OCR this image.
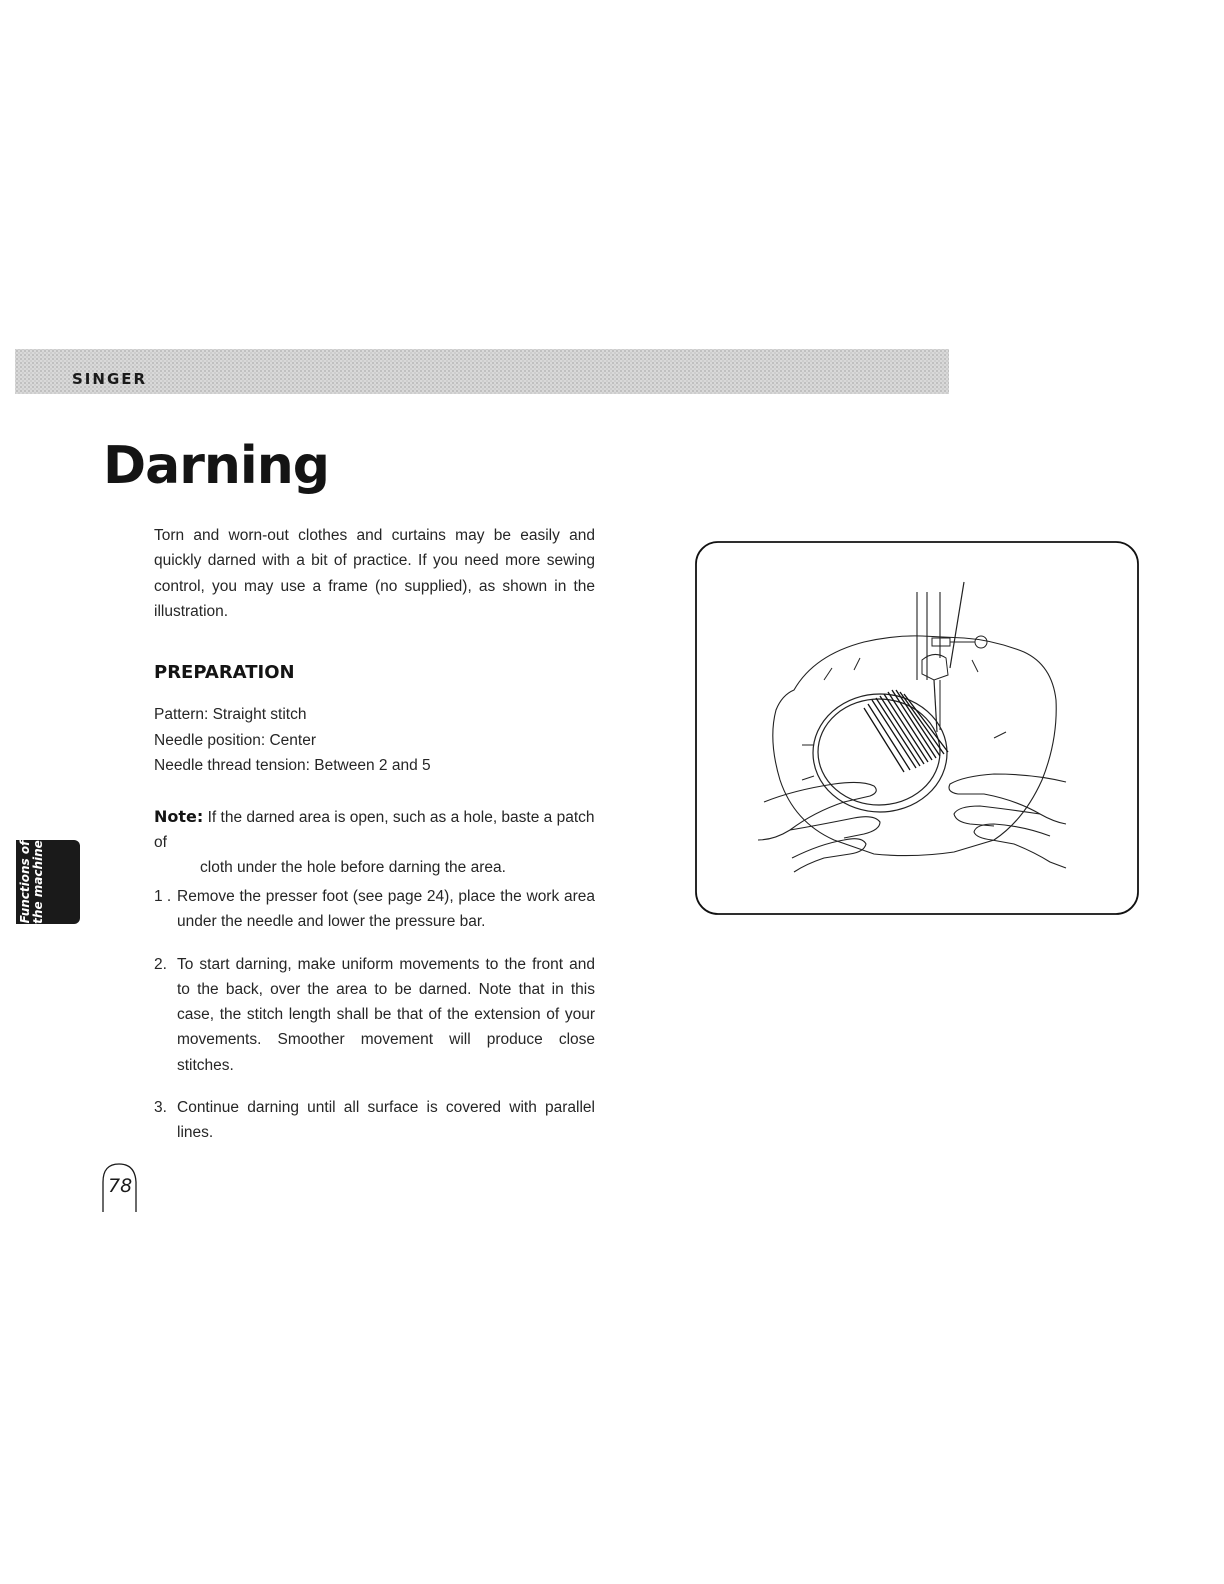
SINGER
Darning

Torn and worn-out clothes and curtains may be easily and quickly darned with a bit of practice. If you need more sewing control, you may use a frame (no supplied), as shown in the illustration.

PREPARATION
Pattern: Straight stitch
Needle position: Center
Needle thread tension: Between 2 and 5
Note: If the darned area is open, such as a hole, baste a patch of
cloth under the hole before darning the area.
1 . Remove the presser foot (see page 24), place the work area under the needle and lower the pressure bar.
2. To start darning, make uniform movements to the front and to the back, over the area to be darned. Note that in this case, the stitch length shall be that of the extension of your movements. Smoother movement will produce close stitches.
3. Continue darning until all surface is covered with parallel lines.
Functions of the machine
78
